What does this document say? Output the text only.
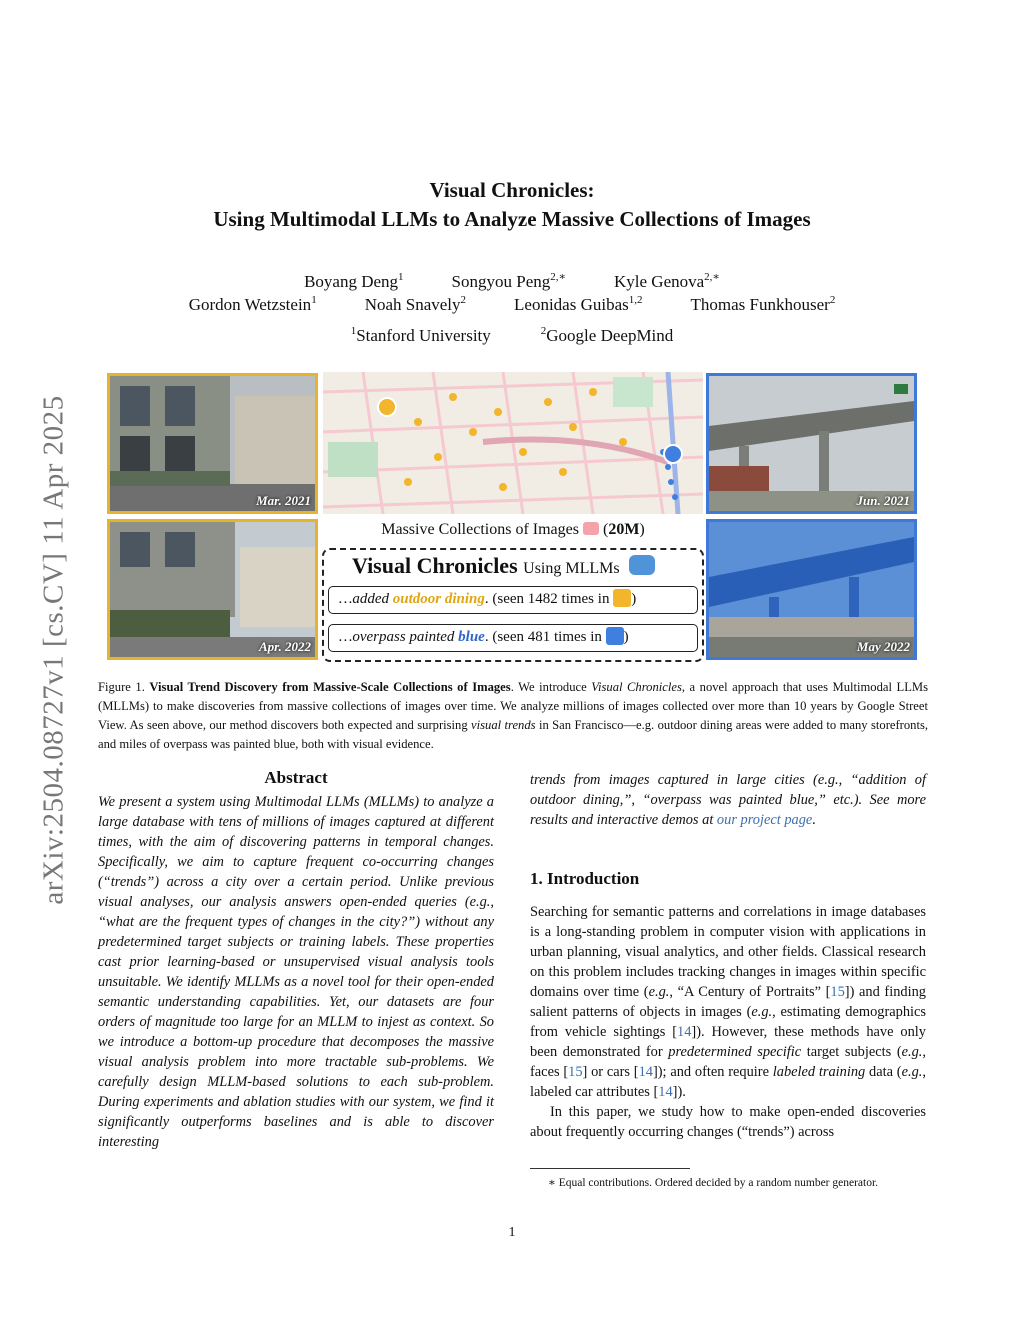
arXiv:2504.08727v1 [cs.CV] 11 Apr 2025
Visual Chronicles:
Using Multimodal LLMs to Analyze Massive Collections of Images
Boyang Deng$^1$	Songyou Peng$^{2,∗}$	Kyle Genova$^{2,∗}$
Gordon Wetzstein$^1$	Noah Snavely$^2$	Leonidas Guibas$^{1,2}$	Thomas Funkhouser$^2$
$^1$Stanford University	$^2$Google DeepMind
Mar. 2021
Apr. 2022
Jun. 2021
May 2022
Massive Collections of Images  (20M)
Visual Chronicles Using MLLMs
…added outdoor dining. (seen 1482 times in )
…overpass painted blue. (seen 481 times in )
Figure 1. Visual Trend Discovery from Massive-Scale Collections of Images. We introduce Visual Chronicles, a novel approach that uses Multimodal LLMs (MLLMs) to make discoveries from massive collections of images over time. We analyze millions of images collected over more than 10 years by Google Street View. As seen above, our method discovers both expected and surprising visual trends in San Francisco—e.g. outdoor dining areas were added to many storefronts, and miles of overpass was painted blue, both with visual evidence.
Abstract

We present a system using Multimodal LLMs (MLLMs) to analyze a large database with tens of millions of images captured at different times, with the aim of discovering patterns in temporal changes. Specifically, we aim to capture frequent co-occurring changes (“trends”) across a city over a certain period. Unlike previous visual analyses, our analysis answers open-ended queries (e.g., “what are the frequent types of changes in the city?”) without any predetermined target subjects or training labels. These properties cast prior learning-based or unsupervised visual analysis tools unsuitable. We identify MLLMs as a novel tool for their open-ended semantic understanding capabilities. Yet, our datasets are four orders of magnitude too large for an MLLM to injest as context. So we introduce a bottom-up procedure that decomposes the massive visual analysis problem into more tractable sub-problems. We carefully design MLLM-based solutions to each sub-problem. During experiments and ablation studies with our system, we find it significantly outperforms baselines and is able to discover interesting

trends from images captured in large cities (e.g., “addition of outdoor dining,”, “overpass was painted blue,” etc.). See more results and interactive demos at our project page.
1. Introduction

Searching for semantic patterns and correlations in image databases is a long-standing problem in computer vision with applications in urban planning, visual analytics, and other fields. Classical research on this problem includes tracking changes in images within specific domains over time (e.g., “A Century of Portraits” [15]) and finding salient patterns of objects in images (e.g., estimating demographics from vehicle sightings [14]). However, these methods have only been demonstrated for predetermined specific target subjects (e.g., faces [15] or cars [14]); and often require labeled training data (e.g., labeled car attributes [14]).

In this paper, we study how to make open-ended discoveries about frequently occurring changes (“trends”) across

∗ Equal contributions. Ordered decided by a random number generator.
1
